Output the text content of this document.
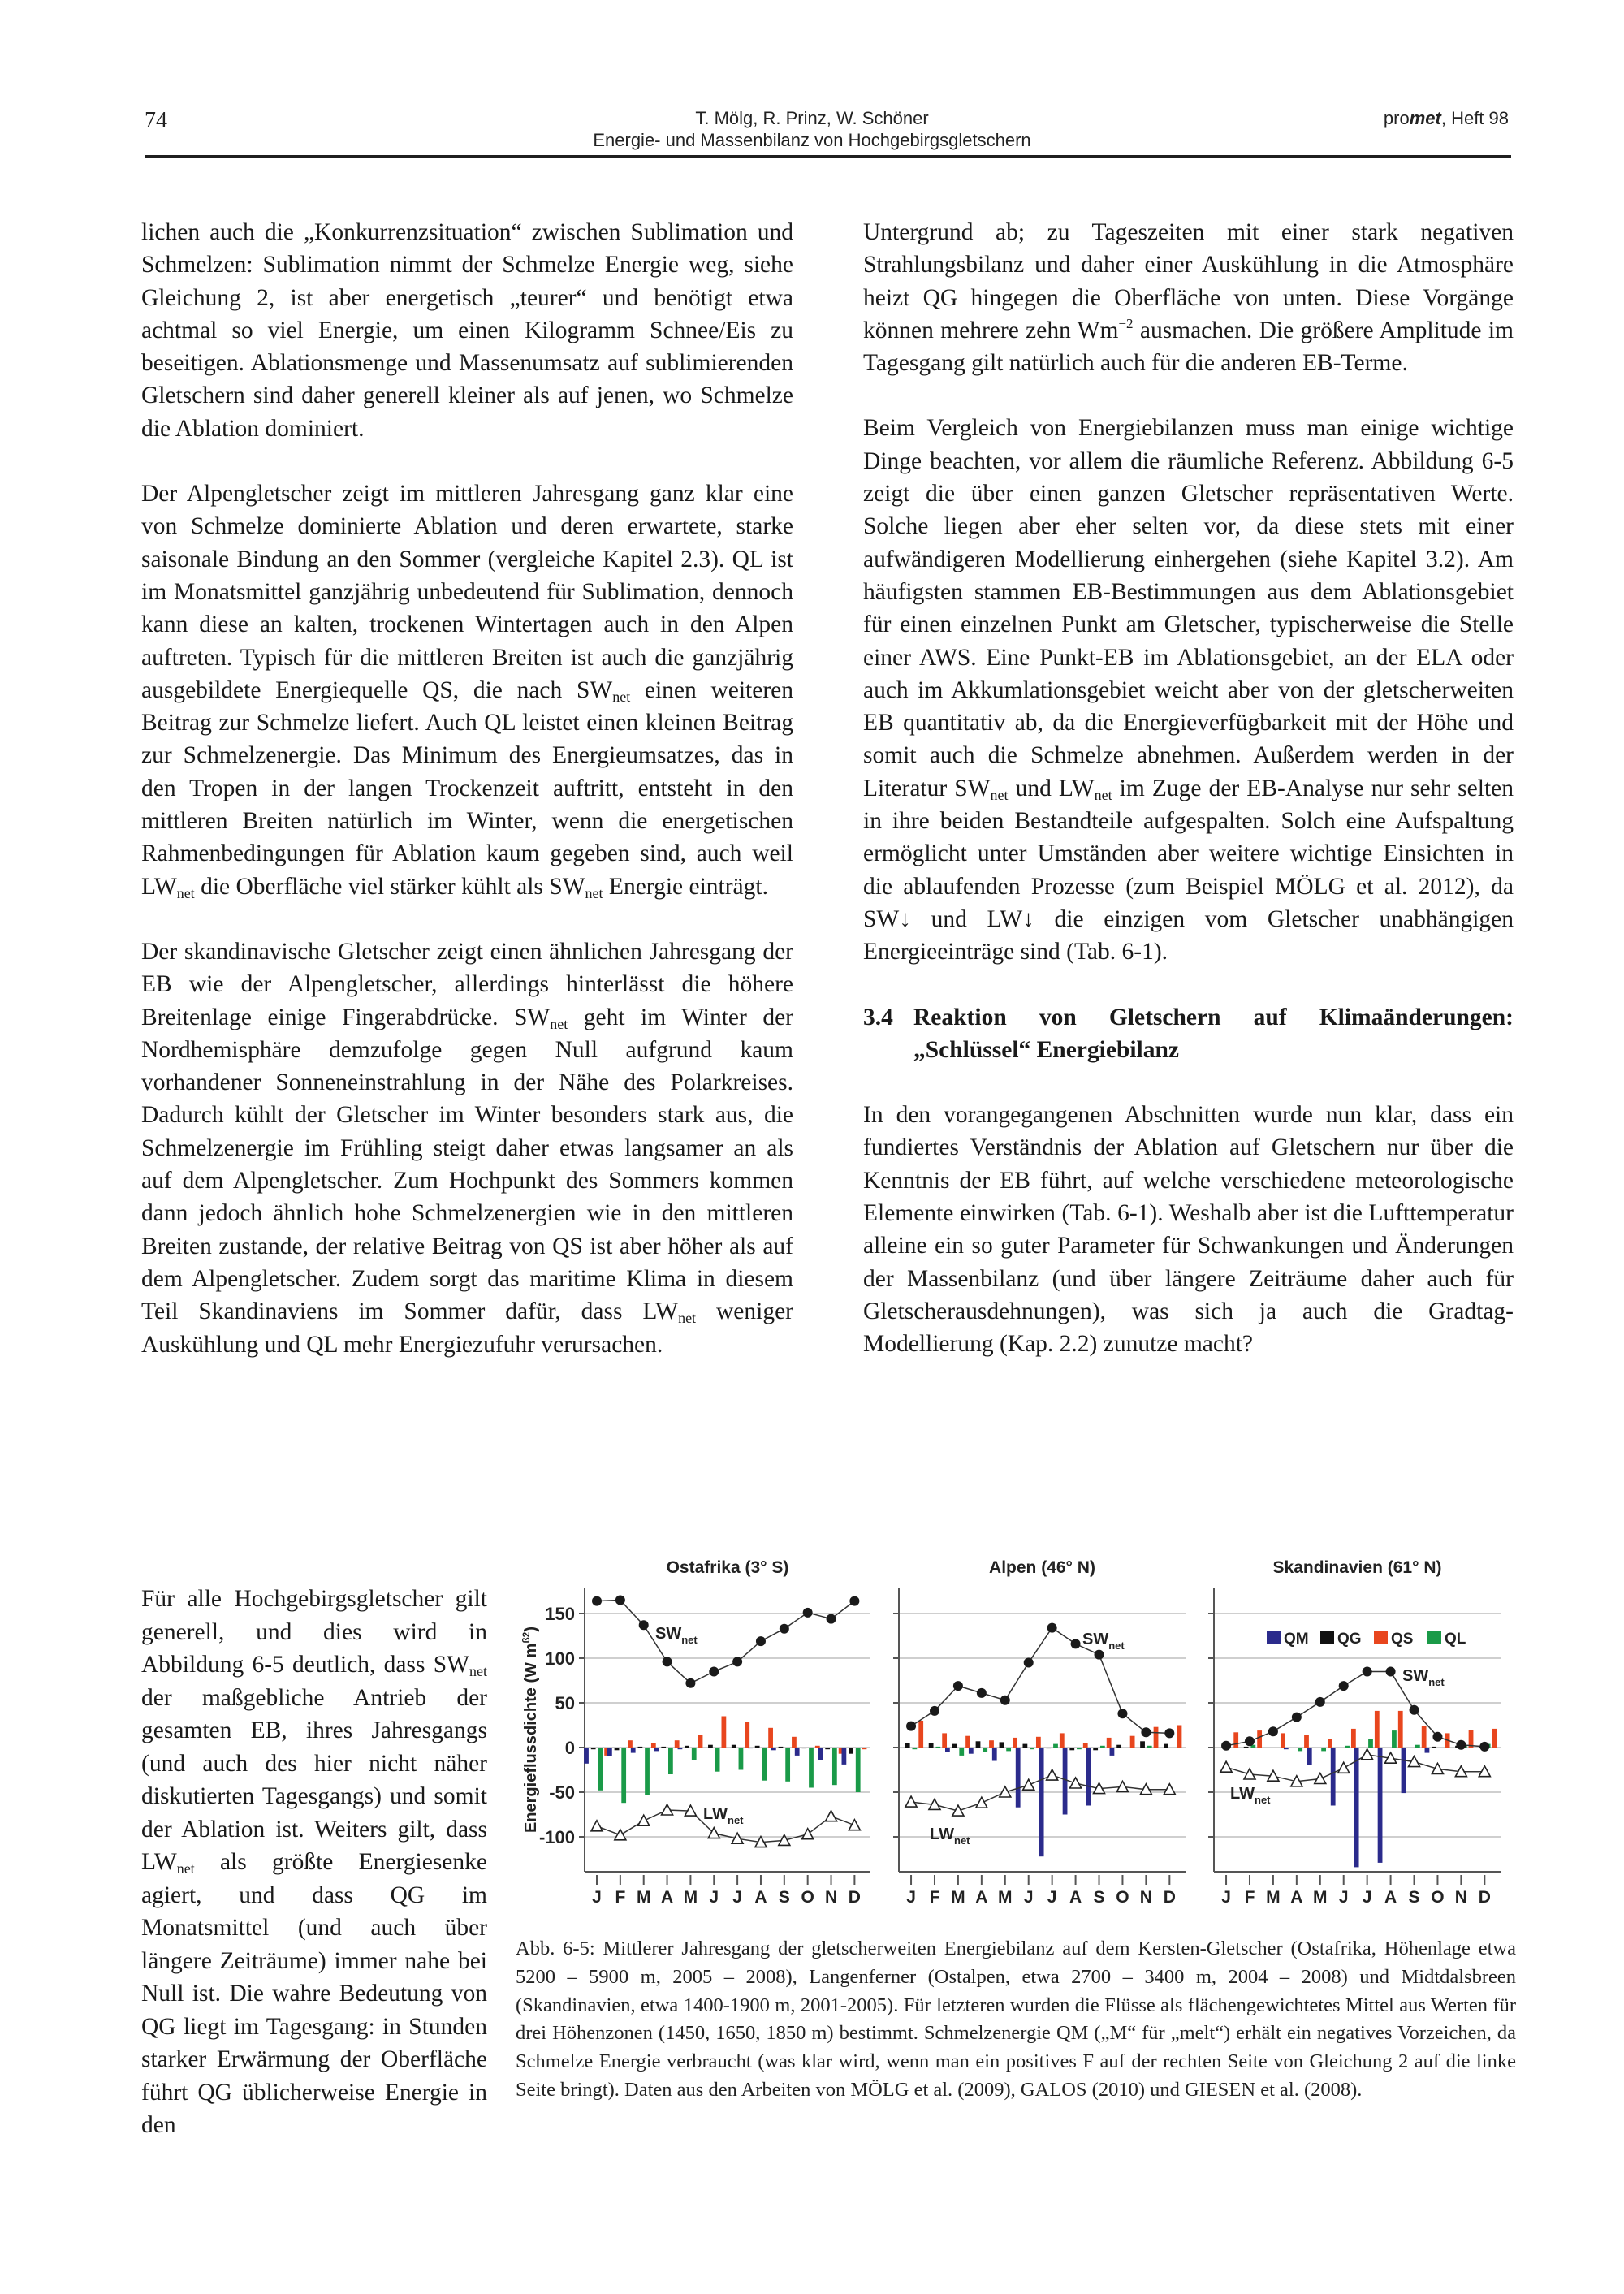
74	T. Mölg, R. Prinz, W. Schöner
Energie- und Massenbilanz von Hochgebirgsgletschern
promet, Heft 98

lichen auch die „Konkurrenzsituation“ zwischen Sublimation und Schmelzen: Sublimation nimmt der Schmelze Energie weg, siehe Gleichung 2, ist aber energetisch „teurer“ und benötigt etwa achtmal so viel Energie, um einen Kilogramm Schnee/Eis zu beseitigen. Ablationsmenge und Massenumsatz auf sublimierenden Gletschern sind daher generell kleiner als auf jenen, wo Schmelze die Ablation dominiert.

Der Alpengletscher zeigt im mittleren Jahresgang ganz klar eine von Schmelze dominierte Ablation und deren erwartete, starke saisonale Bindung an den Sommer (vergleiche Kapitel 2.3). QL ist im Monatsmittel ganzjährig unbedeutend für Sublimation, dennoch kann diese an kalten, trockenen Wintertagen auch in den Alpen auftreten. Typisch für die mittleren Breiten ist auch die ganzjährig ausgebildete Energiequelle QS, die nach $SW_{net}$ einen weiteren Beitrag zur Schmelze liefert. Auch QL leistet einen kleinen Beitrag zur Schmelzenergie. Das Minimum des Energieumsatzes, das in den Tropen in der langen Trockenzeit auftritt, entsteht in den mittleren Breiten natürlich im Winter, wenn die energetischen Rahmenbedingungen für Ablation kaum gegeben sind, auch weil $LW_{net}$ die Oberfläche viel stärker kühlt als $SW_{net}$ Energie einträgt.

Der skandinavische Gletscher zeigt einen ähnlichen Jahresgang der EB wie der Alpengletscher, allerdings hinterlässt die höhere Breitenlage einige Fingerabdrücke. $SW_{net}$ geht im Winter der Nordhemisphäre demzufolge gegen Null aufgrund kaum vorhandener Sonneneinstrahlung in der Nähe des Polarkreises. Dadurch kühlt der Gletscher im Winter besonders stark aus, die Schmelzenergie im Frühling steigt daher etwas langsamer an als auf dem Alpengletscher. Zum Hochpunkt des Sommers kommen dann jedoch ähnlich hohe Schmelzenergien wie in den mittleren Breiten zustande, der relative Beitrag von QS ist aber höher als auf dem Alpengletscher. Zudem sorgt das maritime Klima in diesem Teil Skandinaviens im Sommer dafür, dass $LW_{net}$ weniger Auskühlung und QL mehr Energiezufuhr verursachen.

Für alle Hochgebirgsgletscher gilt generell, und dies wird in Abbildung 6-5 deutlich, dass $SW_{net}$ der maßgebliche Antrieb der gesamten EB, ihres Jahresgangs (und auch des hier nicht näher diskutierten Tagesgangs) und somit der Ablation ist. Weiters gilt, dass $LW_{net}$ als größte Energiesenke agiert, und dass QG im Monatsmittel (und auch über längere Zeiträume) immer nahe bei Null ist. Die wahre Bedeutung von QG liegt im Tagesgang: in Stunden starker Erwärmung der Oberfläche führt QG üblicherweise Energie in den

Untergrund ab; zu Tageszeiten mit einer stark negativen Strahlungsbilanz und daher einer Auskühlung in die Atmosphäre heizt QG hingegen die Oberfläche von unten. Diese Vorgänge können mehrere zehn $Wm^{-2}$ ausmachen. Die größere Amplitude im Tagesgang gilt natürlich auch für die anderen EB-Terme.

Beim Vergleich von Energiebilanzen muss man einige wichtige Dinge beachten, vor allem die räumliche Referenz. Abbildung 6-5 zeigt die über einen ganzen Gletscher repräsentativen Werte. Solche liegen aber eher selten vor, da diese stets mit einer aufwändigeren Modellierung einhergehen (siehe Kapitel 3.2). Am häufigsten stammen EB-Bestimmungen aus dem Ablationsgebiet für einen einzelnen Punkt am Gletscher, typischerweise die Stelle einer AWS. Eine Punkt-EB im Ablationsgebiet, an der ELA oder auch im Akkumlationsgebiet weicht aber von der gletscherweiten EB quantitativ ab, da die Energieverfügbarkeit mit der Höhe und somit auch die Schmelze abnehmen. Außerdem werden in der Literatur $SW_{net}$ und $LW_{net}$ im Zuge der EB-Analyse nur sehr selten in ihre beiden Bestandteile aufgespalten. Solch eine Aufspaltung ermöglicht unter Umständen aber weitere wichtige Einsichten in die ablaufenden Prozesse (zum Beispiel MÖLG et al. 2012), da SW↓ und LW↓ die einzigen vom Gletscher unabhängigen Energieeinträge sind (Tab. 6-1).

3.4 Reaktion von Gletschern auf Klimaänderungen: „Schlüssel“ Energiebilanz

In den vorangegangenen Abschnitten wurde nun klar, dass ein fundiertes Verständnis der Ablation auf Gletschern nur über die Kenntnis der EB führt, auf welche verschiedene meteorologische Elemente einwirken (Tab. 6-1). Weshalb aber ist die Lufttemperatur alleine ein so guter Parameter für Schwankungen und Änderungen der Massenbilanz (und über längere Zeiträume daher auch für Gletscherausdehnungen), was sich ja auch die Gradtag-Modellierung (Kap. 2.2) zunutze macht?

Ostafrika (3° S)
150
100
50
0
-50
-100
J F M A M J J A S O N D
$SW_{net}$
$LW_{net}$
Alpen (46° N)
J F M A M J J A S O N D
$SW_{net}$
$LW_{net}$
Skandinavien (61° N)
J F M A M J J A S O N D
$SW_{net}$
$LW_{net}$
QM QG QS QL
Energieflussdichte (W $m^{ß2}$)
Abb. 6-5: Mittlerer Jahresgang der gletscherweiten Energiebilanz auf dem Kersten-Gletscher (Ostafrika, Höhenlage etwa 5200 – 5900 m, 2005 – 2008), Langenferner (Ostalpen, etwa 2700 – 3400 m, 2004 – 2008) und Midtdalsbreen (Skandinavien, etwa 1400-1900 m, 2001-2005). Für letzteren wurden die Flüsse als flächengewichtetes Mittel aus Werten für drei Höhenzonen (1450, 1650, 1850 m) bestimmt. Schmelzenergie QM („M“ für „melt“) erhält ein negatives Vorzeichen, da Schmelze Energie verbraucht (was klar wird, wenn man ein positives F auf der rechten Seite von Gleichung 2 auf die linke Seite bringt). Daten aus den Arbeiten von MÖLG et al. (2009), GALOS (2010) und GIESEN et al. (2008).
